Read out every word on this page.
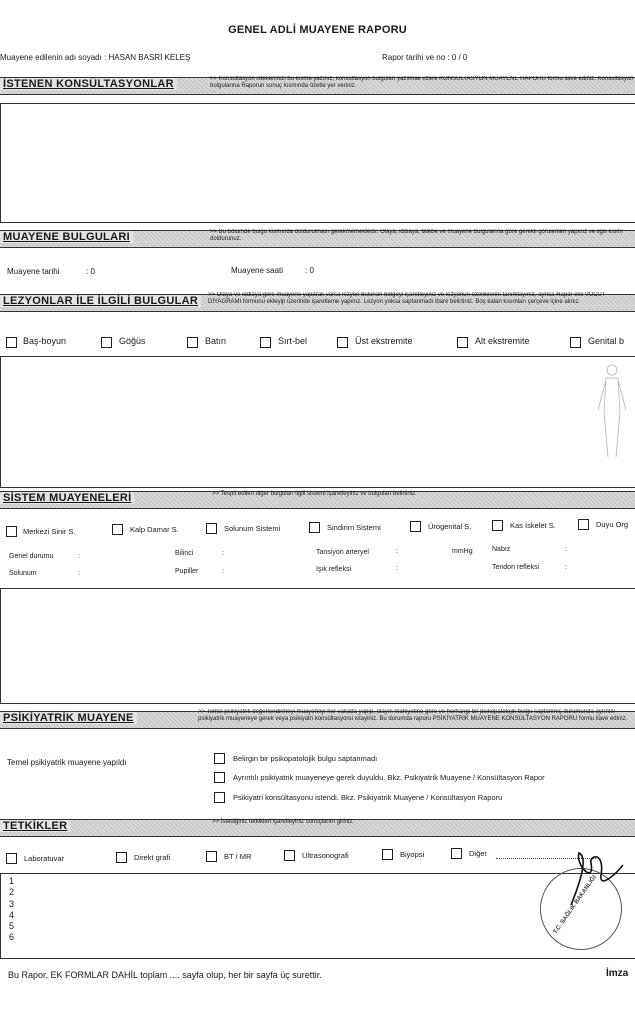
GENEL ADLİ MUAYENE RAPORU
Muayene edilenin adı soyadı : HASAN BASRİ KELEŞ	Rapor tarihi ve no : 0 / 0
İSTENEN KONSÜLTASYONLAR	>> Konsültasyon isteklerinizi bu kısma yazınız, konsültasyon bulguları yazılmak üzere KONSÜLTASYON MUAYENE RAPORU formu ilave ediniz. Konsültasyon bulgularına Raporun sonuç kısmında özetle yer veriniz.
MUAYENE BULGULARI	>> Bu bölümde bulgu kısmında doldurulması gerekmemektedir. Olaya, iddiaya, talebe ve muayene bulgularına göre gerekli görülenleri yapınız ve ilgili kısmı doldurunuz.
Muayene tarihi	: 0	Muayene saati	: 0
LEZYONLAR İLE İLGİLİ BULGULAR	>> Olaya ve iddiaya göre muayene yaparak varsa lezyon bulunan bölgeyi işaretleyiniz ve lezyonun özelliklerini tanımlayınız, ayrıca Rapor ekli VÜCUT DİYAGRAMI formunu ekleyip üzerinde işaretleme yapınız. Lezyon yoksa saptanmadı ibare belirtiniz. Boş kalan kısımları çerçeve içine alınız.
Baş-boyun	Göğüs	Batın	Sırt-bel	Üst ekstremite	Alt ekstremite	Genital b
SİSTEM MUAYENELERİ	>> Tespit edilen diğer bulguları ilgili sistemi işaretleyiniz ve bulguları belirtiniz.
Merkezi Sinir S.	Kalp Damar S.	Solunum Sistemi	Sindirim Sistemi	Ürogenital S.	Kas İskelet S.	Duyu Org
Genel durumu	:	Bilinci	:	Tansiyon arteryel	:	mmHg	Nabız	:
Solunum	:	Pupiller	:	Işık refleksi	:	Tendon refleksi	:
PSİKİYATRİK MUAYENE	>> Temel psikiyatrik değerlendirmeyi muayeneyi her vakada yapıp, olayın mahiyetine göre ve herhangi bir psikopatolojik bulgu saptanmış durumunda ayrıntılı psikiyatrik muayeneye gerek veya psikiyatri konsültasyonu istayiniz. Bu durumda raporu PSİKİYATRİK MUAYENE KONSÜLTASYON RAPORU formu ilave ediniz.
Temel psikiyatrik muayene yapıldı	Belirgin bir psikopatolojik bulgu saptanmadı
Ayrıntılı psikiyatrik muayeneye gerek duyuldu. Bkz. Psikiyatrik Muayene / Konsültasyon Rapor
Psikiyatri konsültasyonu istendi. Bkz. Psikiyatrik Muayene / Konsültasyon Raporu
TETKİKLER	>> İstediğiniz tetkikleri işaretleyiniz sonuçlarını giriniz.
Laboratuvar	Direkt grafi	BT / MR	Ultrasonografi	Biyopsi	Diğer
1
2
3
4
5
6
T.C. SAĞLIK BAKANLIĞI
Bu Rapor, EK FORMLAR DAHİL toplam .... sayfa olup, her bir sayfa üç surettir.	İmza
